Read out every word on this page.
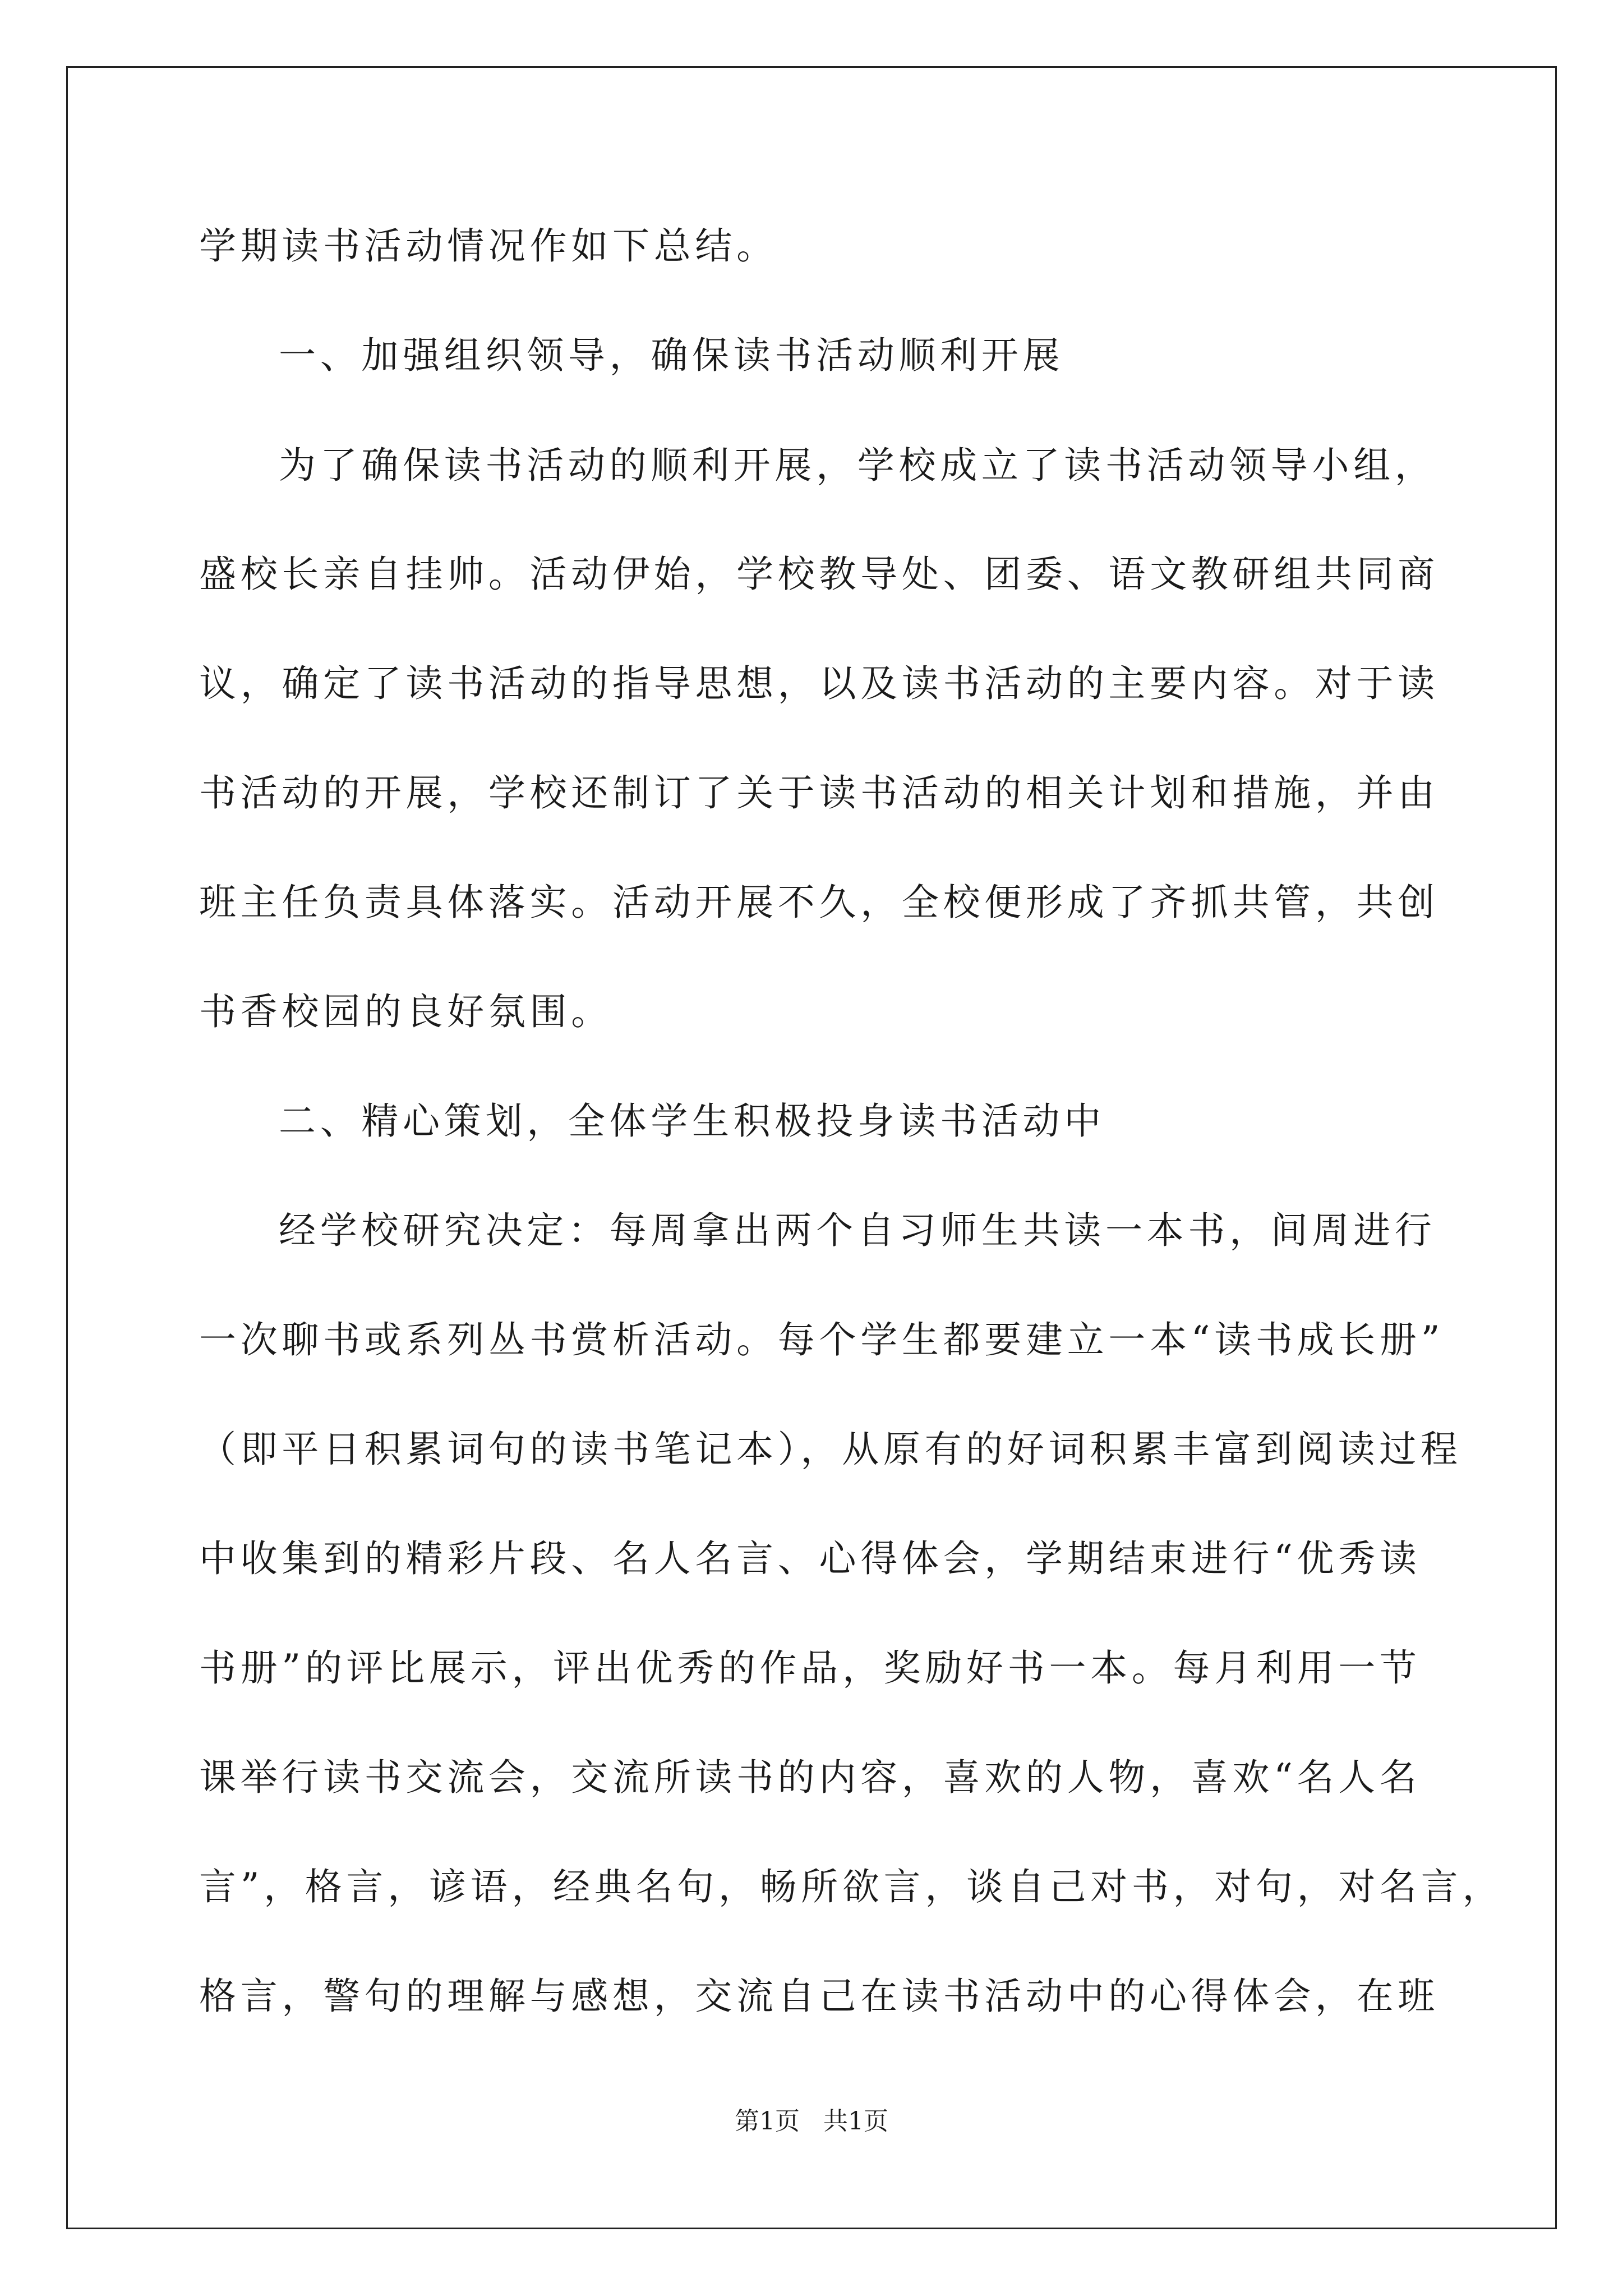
学期读书活动情况作如下总结。
一、加强组织领导，确保读书活动顺利开展
为了确保读书活动的顺利开展，学校成立了读书活动领导小组，
盛校长亲自挂帅。活动伊始，学校教导处、团委、语文教研组共同商
议，确定了读书活动的指导思想，以及读书活动的主要内容。对于读
书活动的开展，学校还制订了关于读书活动的相关计划和措施，并由
班主任负责具体落实。活动开展不久，全校便形成了齐抓共管，共创
书香校园的良好氛围。
二、精心策划，全体学生积极投身读书活动中
经学校研究决定：每周拿出两个自习师生共读一本书，间周进行
一次聊书或系列丛书赏析活动。每个学生都要建立一本“读书成长册”
（即平日积累词句的读书笔记本），从原有的好词积累丰富到阅读过程
中收集到的精彩片段、名人名言、心得体会，学期结束进行“优秀读
书册”的评比展示，评出优秀的作品，奖励好书一本。每月利用一节
课举行读书交流会，交流所读书的内容，喜欢的人物，喜欢“名人名
言”，格言，谚语，经典名句，畅所欲言，谈自己对书，对句，对名言，
格言，警句的理解与感想，交流自己在读书活动中的心得体会，在班
第1页   共1页
